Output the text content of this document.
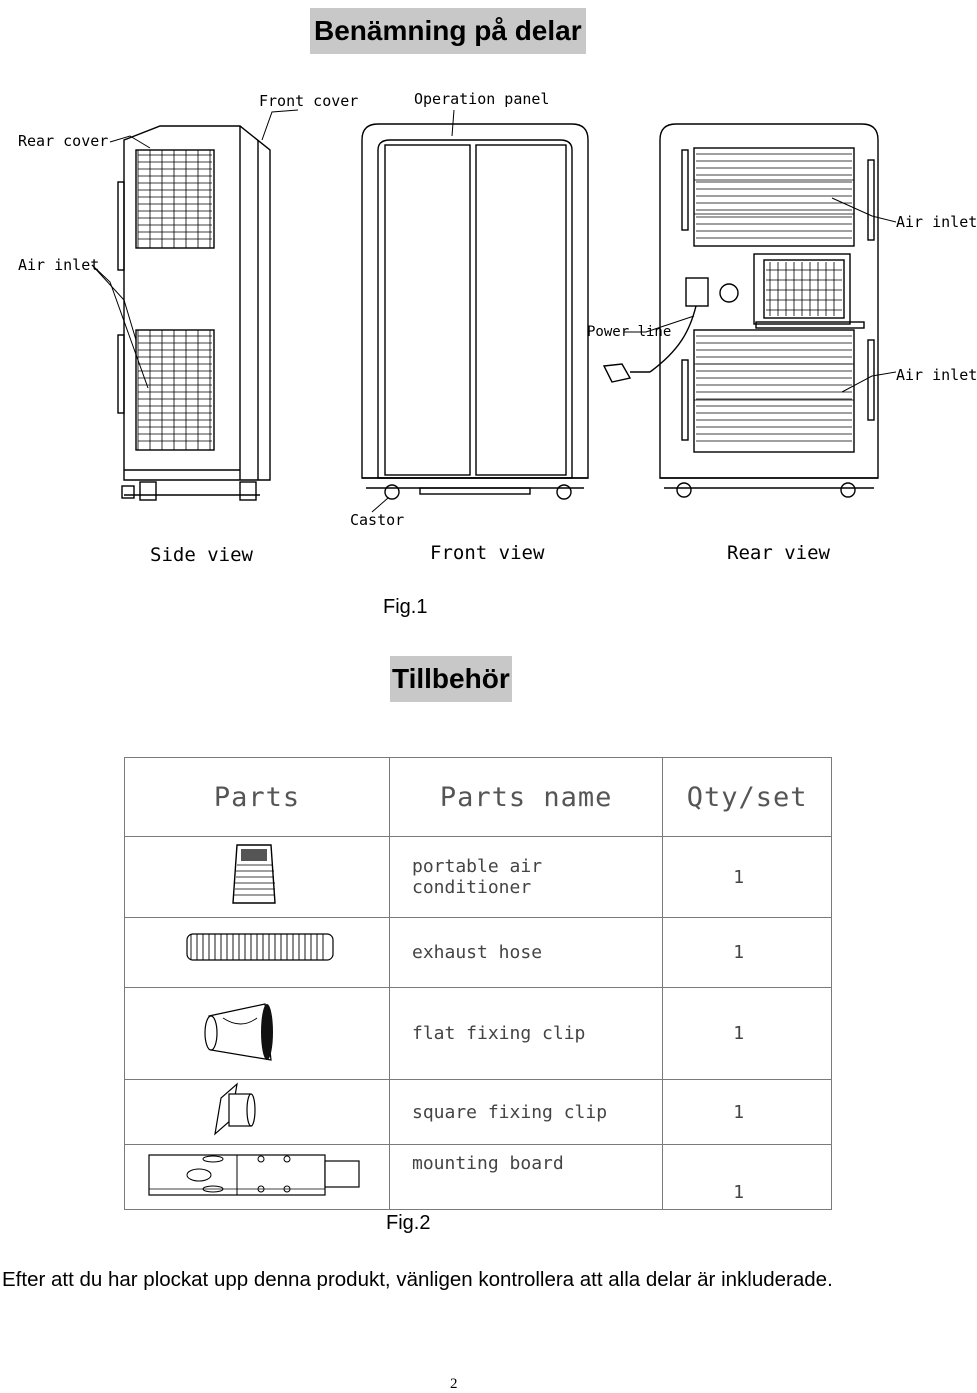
Benämning på delar
Rear cover
Front cover	Operation panel
Air inlet
Air inlet
Air inlet
Power line
Castor
Side view	Front view	Rear view
Fig.1
Tillbehör
Parts	Parts name	Qty/set
	portable air conditioner	1
	exhaust hose	1
	flat fixing clip	1
	square fixing clip	1
	mounting board	1
Fig.2
Efter att du har plockat upp denna produkt, vänligen kontrollera att alla delar är inkluderade.
2
